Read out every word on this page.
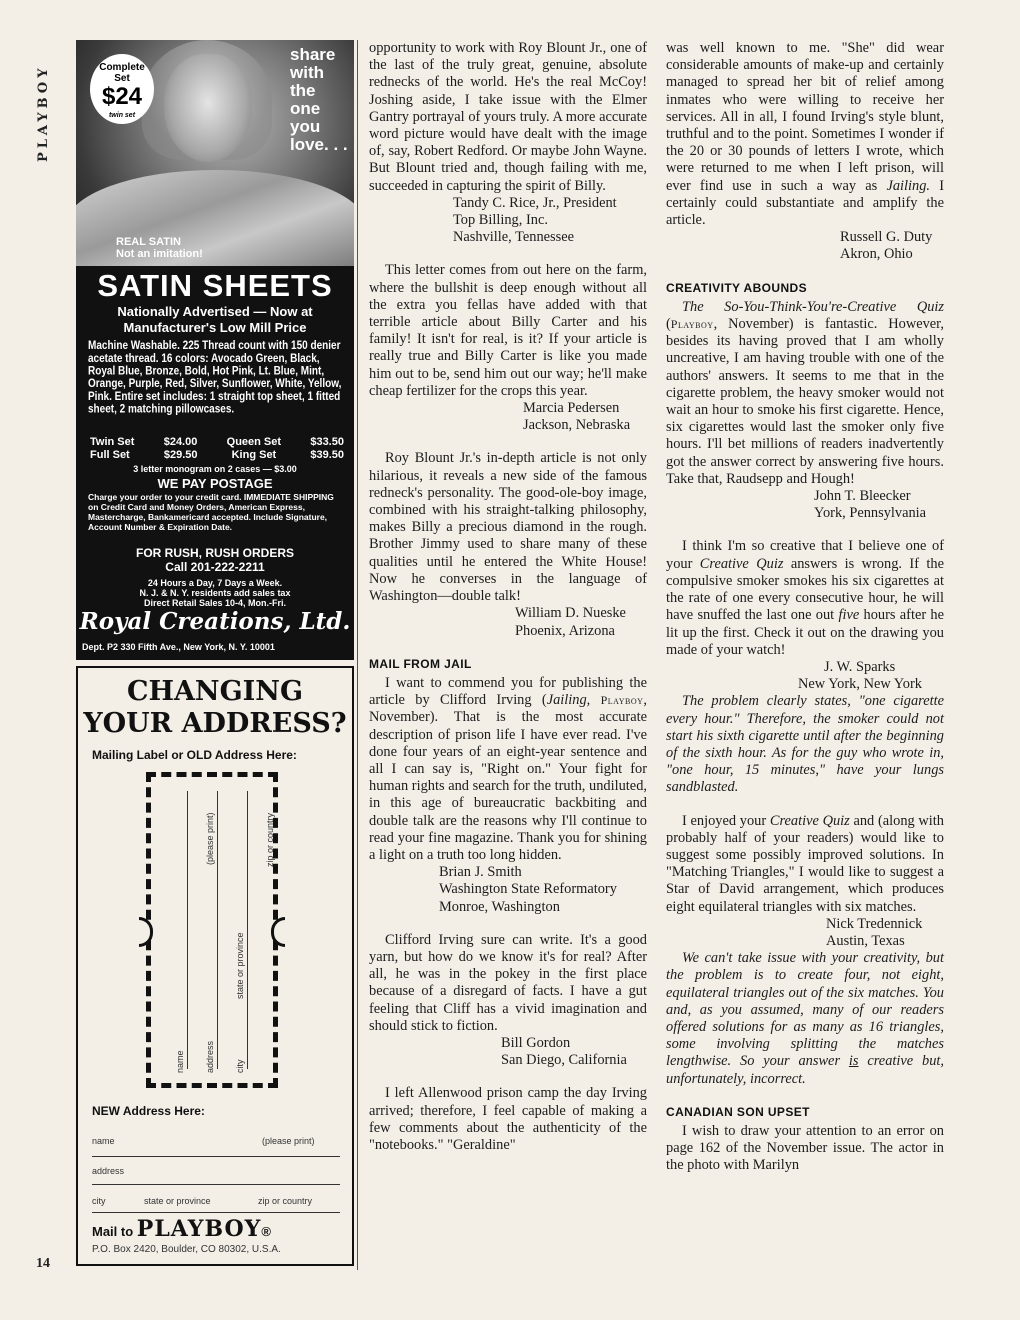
PLAYBOY
14
Complete
Set
$24
twin set
share
with
the
one
you
love. . .
REAL SATIN
Not an imitation!
SATIN SHEETS
Nationally Advertised — Now at
Manufacturer's Low Mill Price
Machine Washable. 225 Thread count with 150 denier acetate thread. 16 colors: Avocado Green, Black, Royal Blue, Bronze, Bold, Hot Pink, Lt. Blue, Mint, Orange, Purple, Red, Silver, Sunflower, White, Yellow, Pink. Entire set includes: 1 straight top sheet, 1 fitted sheet, 2 matching pillowcases.
Twin Set	$24.00	Queen Set	$33.50
Full Set	$29.50	King Set	$39.50
3 letter monogram on 2 cases — $3.00
WE PAY POSTAGE
Charge your order to your credit card. IMMEDIATE SHIPPING on Credit Card and Money Orders, American Express, Mastercharge, Bankamericard accepted. Include Signature, Account Number & Expiration Date.
FOR RUSH, RUSH ORDERS
Call 201-222-2211
24 Hours a Day, 7 Days a Week.
N. J. & N. Y. residents add sales tax
Direct Retail Sales 10-4, Mon.-Fri.
Royal Creations, Ltd.
Dept. P2 330 Fifth Ave., New York, N. Y. 10001
CHANGING
YOUR ADDRESS?
Mailing Label or OLD Address Here:
name address city
(please print)
state or province
zip or country
NEW Address Here:
name	(please print)
address
city	state or province	zip or country
Mail to PLAYBOY®
P.O. Box 2420, Boulder, CO 80302, U.S.A.

opportunity to work with Roy Blount Jr., one of the last of the truly great, genuine, absolute rednecks of the world. He's the real McCoy! Joshing aside, I take issue with the Elmer Gantry portrayal of yours truly. A more accurate word picture would have dealt with the image of, say, Robert Redford. Or maybe John Wayne. But Blount tried and, though failing with me, succeeded in capturing the spirit of Billy.

Tandy C. Rice, Jr., President
Top Billing, Inc.
Nashville, Tennessee

This letter comes from out here on the farm, where the bullshit is deep enough without all the extra you fellas have added with that terrible article about Billy Carter and his family! It isn't for real, is it? If your article is really true and Billy Carter is like you made him out to be, send him out our way; he'll make cheap fertilizer for the crops this year.

Marcia Pedersen
Jackson, Nebraska

Roy Blount Jr.'s in-depth article is not only hilarious, it reveals a new side of the famous redneck's personality. The good-ole-boy image, combined with his straight-talking philosophy, makes Billy a precious diamond in the rough. Brother Jimmy used to share many of these qualities until he entered the White House! Now he converses in the language of Washington—double talk!

William D. Nueske
Phoenix, Arizona
MAIL FROM JAIL

I want to commend you for publishing the article by Clifford Irving (Jailing, Playboy, November). That is the most accurate description of prison life I have ever read. I've done four years of an eight-year sentence and all I can say is, "Right on." Your fight for human rights and search for the truth, undiluted, in this age of bureaucratic backbiting and double talk are the reasons why I'll continue to read your fine magazine. Thank you for shining a light on a truth too long hidden.

Brian J. Smith
Washington State Reformatory
Monroe, Washington

Clifford Irving sure can write. It's a good yarn, but how do we know it's for real? After all, he was in the pokey in the first place because of a disregard of facts. I have a gut feeling that Cliff has a vivid imagination and should stick to fiction.

Bill Gordon
San Diego, California

I left Allenwood prison camp the day Irving arrived; therefore, I feel capable of making a few comments about the authenticity of the "notebooks." "Geraldine"

was well known to me. "She" did wear considerable amounts of make-up and certainly managed to spread her bit of relief among inmates who were willing to receive her services. All in all, I found Irving's style blunt, truthful and to the point. Sometimes I wonder if the 20 or 30 pounds of letters I wrote, which were returned to me when I left prison, will ever find use in such a way as Jailing. I certainly could substantiate and amplify the article.

Russell G. Duty
Akron, Ohio
CREATIVITY ABOUNDS

The So-You-Think-You're-Creative Quiz (Playboy, November) is fantastic. However, besides its having proved that I am wholly uncreative, I am having trouble with one of the authors' answers. It seems to me that in the cigarette problem, the heavy smoker would not wait an hour to smoke his first cigarette. Hence, six cigarettes would last the smoker only five hours. I'll bet millions of readers inadvertently got the answer correct by answering five hours. Take that, Raudsepp and Hough!

John T. Bleecker
York, Pennsylvania

I think I'm so creative that I believe one of your Creative Quiz answers is wrong. If the compulsive smoker smokes his six cigarettes at the rate of one every consecutive hour, he will have snuffed the last one out five hours after he lit up the first. Check it out on the drawing you made of your watch!

J. W. Sparks
New York, New York

The problem clearly states, "one cigarette every hour." Therefore, the smoker could not start his sixth cigarette until after the beginning of the sixth hour. As for the guy who wrote in, "one hour, 15 minutes," have your lungs sandblasted.

I enjoyed your Creative Quiz and (along with probably half of your readers) would like to suggest some possibly improved solutions. In "Matching Triangles," I would like to suggest a Star of David arrangement, which produces eight equilateral triangles with six matches.

Nick Tredennick
Austin, Texas

We can't take issue with your creativity, but the problem is to create four, not eight, equilateral triangles out of the six matches. You and, as you assumed, many of our readers offered solutions for as many as 16 triangles, some involving splitting the matches lengthwise. So your answer is creative but, unfortunately, incorrect.

CANADIAN SON UPSET

I wish to draw your attention to an error on page 162 of the November issue. The actor in the photo with Marilyn
